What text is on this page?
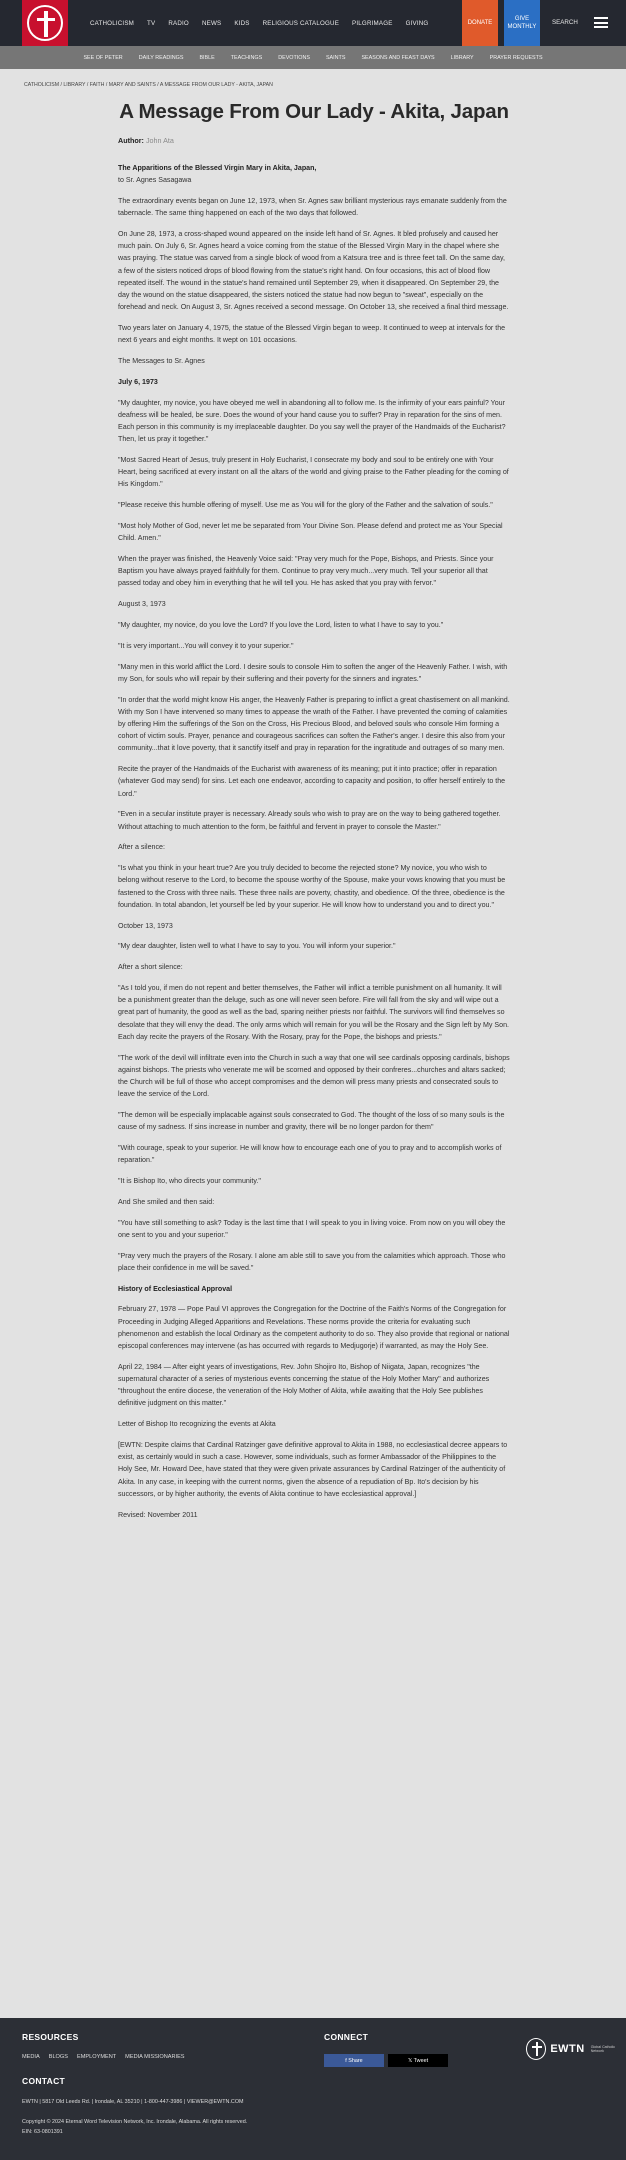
CATHOLICISM TV RADIO NEWS KIDS RELIGIOUS CATALOGUE PILGRIMAGE GIVING	DONATE
GIVE MONTHLY
SEARCH
SEE OF PETER	DAILY READINGS	BIBLE	TEACHINGS	DEVOTIONS	SAINTS	SEASONS AND FEAST DAYS	LIBRARY	PRAYER REQUESTS
CATHOLICISM / LIBRARY / FAITH / MARY AND SAINTS / A MESSAGE FROM OUR LADY - AKITA, JAPAN
A Message From Our Lady - Akita, Japan
Author: John Ata
The Apparitions of the Blessed Virgin Mary in Akita, Japan,
to Sr. Agnes Sasagawa
The extraordinary events began on June 12, 1973, when Sr. Agnes saw brilliant mysterious rays emanate suddenly from the tabernacle. The same thing happened on each of the two days that followed.
On June 28, 1973, a cross-shaped wound appeared on the inside left hand of Sr. Agnes. It bled profusely and caused her much pain. On July 6, Sr. Agnes heard a voice coming from the statue of the Blessed Virgin Mary in the chapel where she was praying. The statue was carved from a single block of wood from a Katsura tree and is three feet tall. On the same day, a few of the sisters noticed drops of blood flowing from the statue's right hand. On four occasions, this act of blood flow repeated itself. The wound in the statue's hand remained until September 29, when it disappeared. On September 29, the day the wound on the statue disappeared, the sisters noticed the statue had now begun to "sweat", especially on the forehead and neck. On August 3, Sr. Agnes received a second message. On October 13, she received a final third message.
Two years later on January 4, 1975, the statue of the Blessed Virgin began to weep. It continued to weep at intervals for the next 6 years and eight months. It wept on 101 occasions.
The Messages to Sr. Agnes
July 6, 1973
"My daughter, my novice, you have obeyed me well in abandoning all to follow me. Is the infirmity of your ears painful? Your deafness will be healed, be sure. Does the wound of your hand cause you to suffer? Pray in reparation for the sins of men. Each person in this community is my irreplaceable daughter. Do you say well the prayer of the Handmaids of the Eucharist? Then, let us pray it together."
"Most Sacred Heart of Jesus, truly present in Holy Eucharist, I consecrate my body and soul to be entirely one with Your Heart, being sacrificed at every instant on all the altars of the world and giving praise to the Father pleading for the coming of His Kingdom."
"Please receive this humble offering of myself. Use me as You will for the glory of the Father and the salvation of souls."
"Most holy Mother of God, never let me be separated from Your Divine Son. Please defend and protect me as Your Special Child. Amen."
When the prayer was finished, the Heavenly Voice said: "Pray very much for the Pope, Bishops, and Priests. Since your Baptism you have always prayed faithfully for them. Continue to pray very much...very much. Tell your superior all that passed today and obey him in everything that he will tell you. He has asked that you pray with fervor."
August 3, 1973
"My daughter, my novice, do you love the Lord? If you love the Lord, listen to what I have to say to you."
"It is very important...You will convey it to your superior."
"Many men in this world afflict the Lord. I desire souls to console Him to soften the anger of the Heavenly Father. I wish, with my Son, for souls who will repair by their suffering and their poverty for the sinners and ingrates."
"In order that the world might know His anger, the Heavenly Father is preparing to inflict a great chastisement on all mankind. With my Son I have intervened so many times to appease the wrath of the Father. I have prevented the coming of calamities by offering Him the sufferings of the Son on the Cross, His Precious Blood, and beloved souls who console Him forming a cohort of victim souls. Prayer, penance and courageous sacrifices can soften the Father's anger. I desire this also from your community...that it love poverty, that it sanctify itself and pray in reparation for the ingratitude and outrages of so many men.
Recite the prayer of the Handmaids of the Eucharist with awareness of its meaning; put it into practice; offer in reparation (whatever God may send) for sins. Let each one endeavor, according to capacity and position, to offer herself entirely to the Lord."
"Even in a secular institute prayer is necessary. Already souls who wish to pray are on the way to being gathered together. Without attaching to much attention to the form, be faithful and fervent in prayer to console the Master."
After a silence:
"Is what you think in your heart true? Are you truly decided to become the rejected stone? My novice, you who wish to belong without reserve to the Lord, to become the spouse worthy of the Spouse, make your vows knowing that you must be fastened to the Cross with three nails. These three nails are poverty, chastity, and obedience. Of the three, obedience is the foundation. In total abandon, let yourself be led by your superior. He will know how to understand you and to direct you."
October 13, 1973
"My dear daughter, listen well to what I have to say to you. You will inform your superior."
After a short silence:
"As I told you, if men do not repent and better themselves, the Father will inflict a terrible punishment on all humanity. It will be a punishment greater than the deluge, such as one will never seen before. Fire will fall from the sky and will wipe out a great part of humanity, the good as well as the bad, sparing neither priests nor faithful. The survivors will find themselves so desolate that they will envy the dead. The only arms which will remain for you will be the Rosary and the Sign left by My Son. Each day recite the prayers of the Rosary. With the Rosary, pray for the Pope, the bishops and priests."
"The work of the devil will infiltrate even into the Church in such a way that one will see cardinals opposing cardinals, bishops against bishops. The priests who venerate me will be scorned and opposed by their confreres...churches and altars sacked; the Church will be full of those who accept compromises and the demon will press many priests and consecrated souls to leave the service of the Lord.
"The demon will be especially implacable against souls consecrated to God. The thought of the loss of so many souls is the cause of my sadness. If sins increase in number and gravity, there will be no longer pardon for them"
"With courage, speak to your superior. He will know how to encourage each one of you to pray and to accomplish works of reparation."
"It is Bishop Ito, who directs your community."
And She smiled and then said:
"You have still something to ask? Today is the last time that I will speak to you in living voice. From now on you will obey the one sent to you and your superior."
"Pray very much the prayers of the Rosary. I alone am able still to save you from the calamities which approach. Those who place their confidence in me will be saved."
History of Ecclesiastical Approval
February 27, 1978 — Pope Paul VI approves the Congregation for the Doctrine of the Faith's Norms of the Congregation for Proceeding in Judging Alleged Apparitions and Revelations. These norms provide the criteria for evaluating such phenomenon and establish the local Ordinary as the competent authority to do so. They also provide that regional or national episcopal conferences may intervene (as has occurred with regards to Medjugorje) if warranted, as may the Holy See.
April 22, 1984 — After eight years of investigations, Rev. John Shojiro Ito, Bishop of Niigata, Japan, recognizes "the supernatural character of a series of mysterious events concerning the statue of the Holy Mother Mary" and authorizes "throughout the entire diocese, the veneration of the Holy Mother of Akita, while awaiting that the Holy See publishes definitive judgment on this matter."
Letter of Bishop Ito recognizing the events at Akita
[EWTN: Despite claims that Cardinal Ratzinger gave definitive approval to Akita in 1988, no ecclesiastical decree appears to exist, as certainly would in such a case. However, some individuals, such as former Ambassador of the Philippines to the Holy See, Mr. Howard Dee, have stated that they were given private assurances by Cardinal Ratzinger of the authenticity of Akita. In any case, in keeping with the current norms, given the absence of a repudiation of Bp. Ito's decision by his successors, or by higher authority, the events of Akita continue to have ecclesiastical approval.]
Revised: November 2011
RESOURCES
MEDIA BLOGS EMPLOYMENT MEDIA MISSIONARIES
CONNECT
f Share	𝕏 Tweet
EWTN Global Catholic Network
CONTACT
EWTN | 5817 Old Leeds Rd. | Irondale, AL 35210 | 1-800-447-3986 | VIEWER@EWTN.COM
Copyright © 2024 Eternal Word Television Network, Inc. Irondale, Alabama. All rights reserved.
EIN: 63-0801391
